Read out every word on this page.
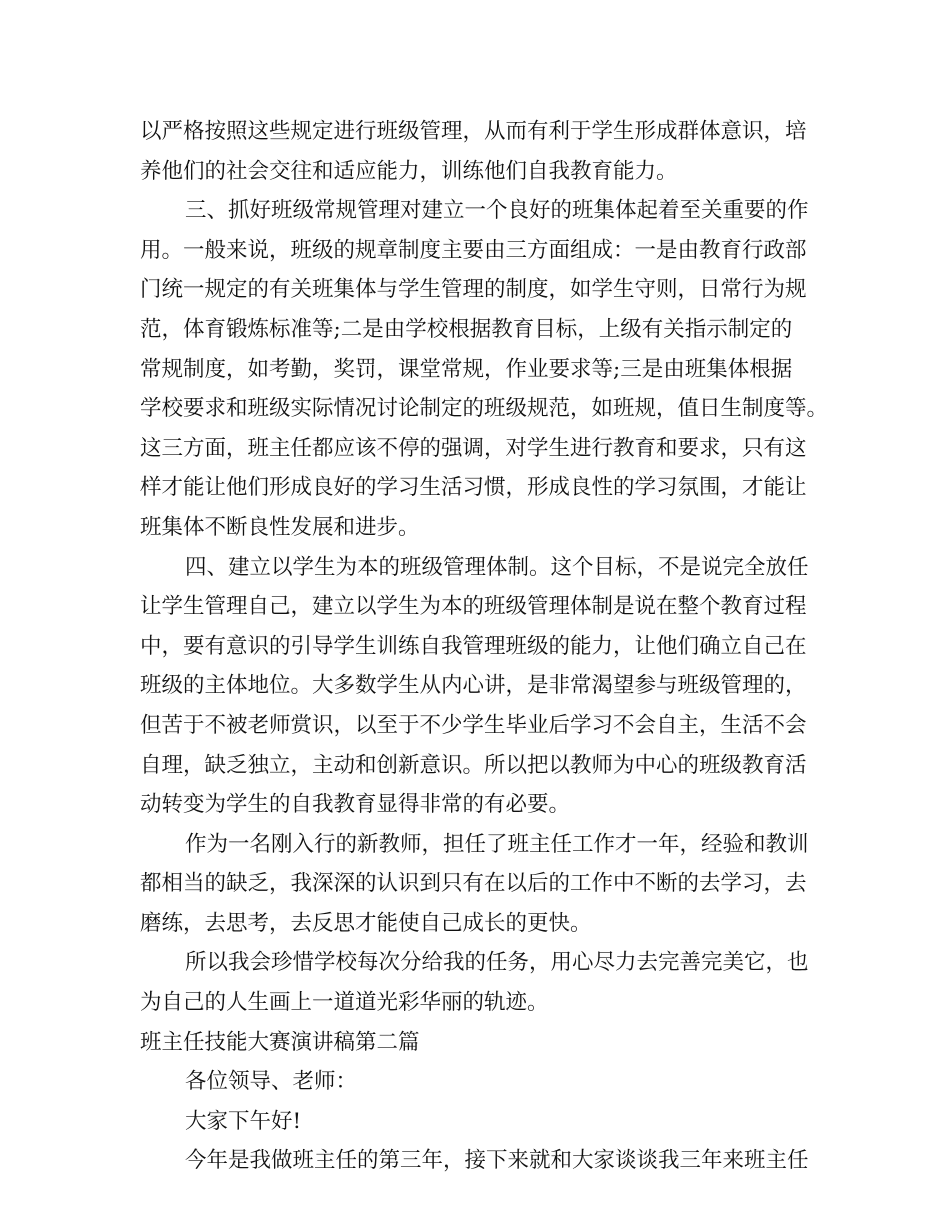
以严格按照这些规定进行班级管理，从而有利于学生形成群体意识，培
养他们的社会交往和适应能力，训练他们自我教育能力。
三、抓好班级常规管理对建立一个良好的班集体起着至关重要的作
用。一般来说，班级的规章制度主要由三方面组成：一是由教育行政部
门统一规定的有关班集体与学生管理的制度，如学生守则，日常行为规
范，体育锻炼标准等;二是由学校根据教育目标，上级有关指示制定的
常规制度，如考勤，奖罚，课堂常规，作业要求等;三是由班集体根据
学校要求和班级实际情况讨论制定的班级规范，如班规，值日生制度等。
这三方面，班主任都应该不停的强调，对学生进行教育和要求，只有这
样才能让他们形成良好的学习生活习惯，形成良性的学习氛围，才能让
班集体不断良性发展和进步。
四、建立以学生为本的班级管理体制。这个目标，不是说完全放任
让学生管理自己，建立以学生为本的班级管理体制是说在整个教育过程
中，要有意识的引导学生训练自我管理班级的能力，让他们确立自己在
班级的主体地位。大多数学生从内心讲，是非常渴望参与班级管理的，
但苦于不被老师赏识，以至于不少学生毕业后学习不会自主，生活不会
自理，缺乏独立，主动和创新意识。所以把以教师为中心的班级教育活
动转变为学生的自我教育显得非常的有必要。
作为一名刚入行的新教师，担任了班主任工作才一年，经验和教训
都相当的缺乏，我深深的认识到只有在以后的工作中不断的去学习，去
磨练，去思考，去反思才能使自己成长的更快。
所以我会珍惜学校每次分给我的任务，用心尽力去完善完美它，也
为自己的人生画上一道道光彩华丽的轨迹。
班主任技能大赛演讲稿第二篇
各位领导、老师：
大家下午好!
今年是我做班主任的第三年，接下来就和大家谈谈我三年来班主任
